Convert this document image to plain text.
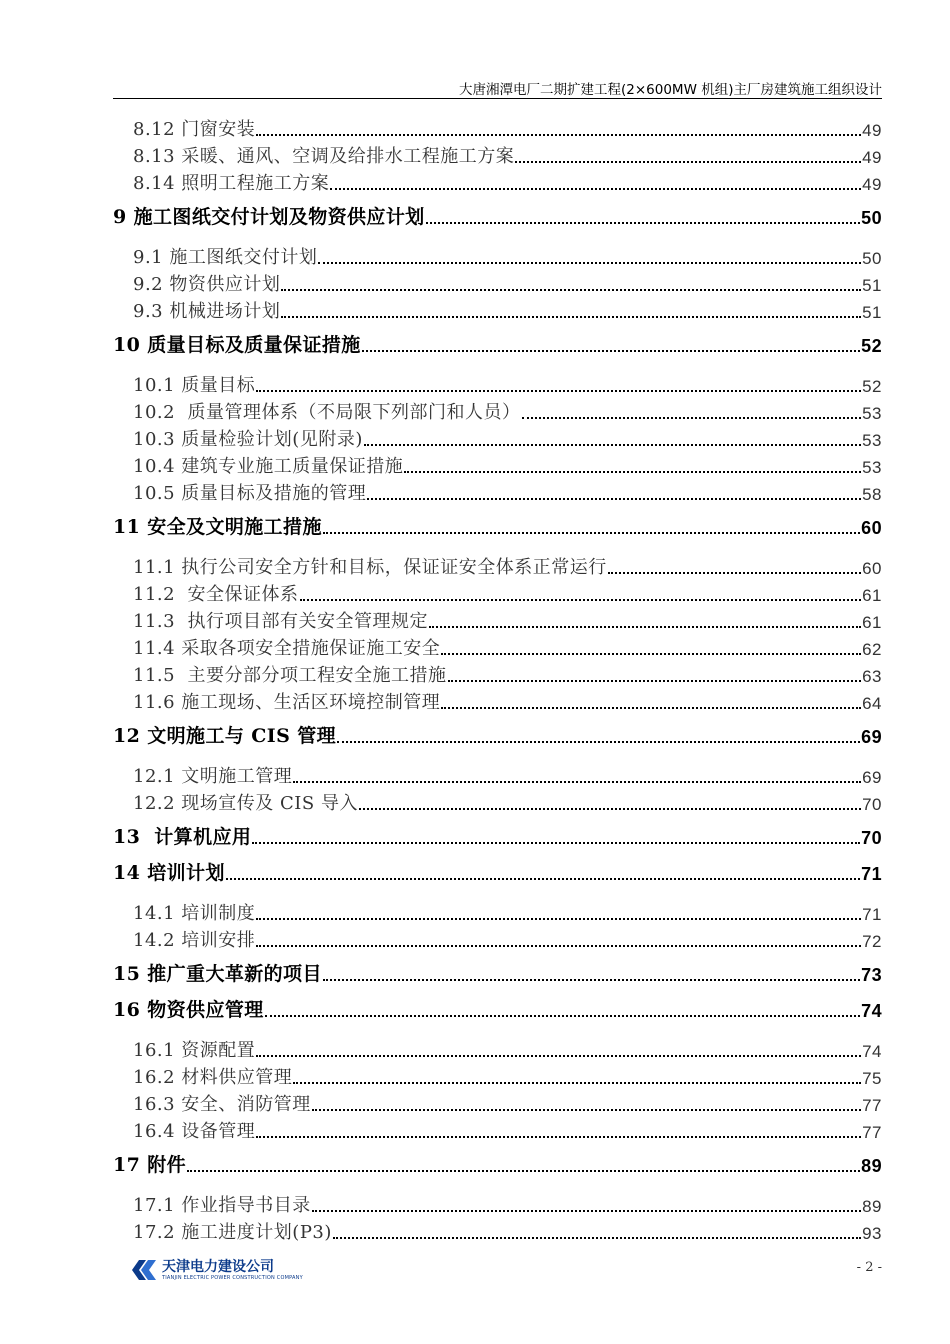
大唐湘潭电厂二期扩建工程(2×600MW 机组)主厂房建筑施工组织设计
8.12 门窗安装	49
8.13 采暖、通风、空调及给排水工程施工方案	49
8.14 照明工程施工方案	49
9 施工图纸交付计划及物资供应计划	50
9.1 施工图纸交付计划	50
9.2 物资供应计划	51
9.3 机械进场计划	51
10 质量目标及质量保证措施	52
10.1 质量目标	52
10.2  质量管理体系（不局限下列部门和人员）	53
10.3 质量检验计划(见附录)	53
10.4 建筑专业施工质量保证措施	53
10.5 质量目标及措施的管理	58
11 安全及文明施工措施	60
11.1 执行公司安全方针和目标，保证证安全体系正常运行	60
11.2  安全保证体系	61
11.3  执行项目部有关安全管理规定	61
11.4 采取各项安全措施保证施工安全	62
11.5  主要分部分项工程安全施工措施	63
11.6 施工现场、生活区环境控制管理	64
12 文明施工与 CIS 管理	69
12.1 文明施工管理	69
12.2 现场宣传及 CIS 导入	70
13  计算机应用	70
14 培训计划	71
14.1 培训制度	71
14.2 培训安排	72
15 推广重大革新的项目	73
16 物资供应管理	74
16.1 资源配置	74
16.2 材料供应管理	75
16.3 安全、消防管理	77
16.4 设备管理	77
17 附件	89
17.1 作业指导书目录	89
17.2 施工进度计划(P3)	93
天津电力建设公司
TIANJIN ELECTRIC POWER CONSTRUCTION COMPANY
- 2 -
